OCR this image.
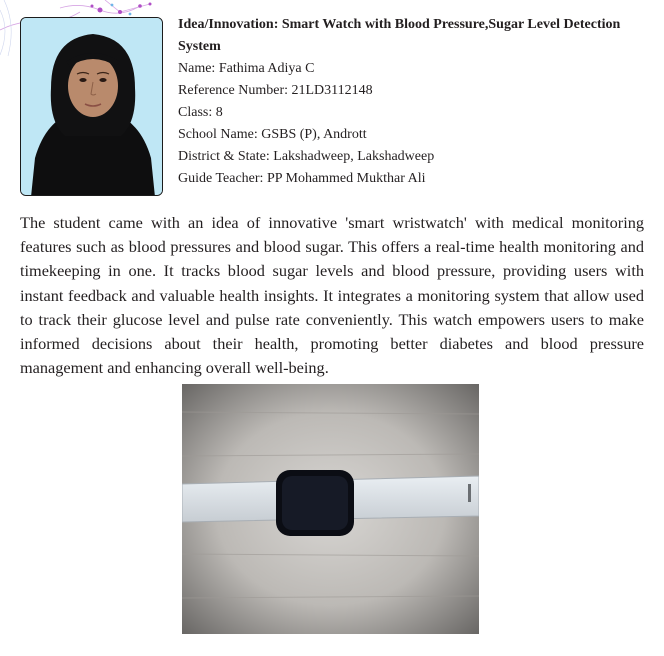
Idea/Innovation: Smart Watch with Blood Pressure,Sugar Level Detection System
Name: Fathima Adiya C
Reference Number: 21LD3112148
Class: 8
School Name: GSBS (P), Andrott
District & State: Lakshadweep, Lakshadweep
Guide Teacher: PP Mohammed Mukthar Ali

The student came with an idea of innovative 'smart wristwatch' with medical monitoring features such as blood pressures and blood sugar. This offers a real-time health monitoring and timekeeping in one. It tracks blood sugar levels and blood pressure, providing users with instant feedback and valuable health insights. It integrates a monitoring system that allow used to track their glucose level and pulse rate conveniently. This watch empowers users to make informed decisions about their health, promoting better diabetes and blood pressure management and enhancing overall well-being.
